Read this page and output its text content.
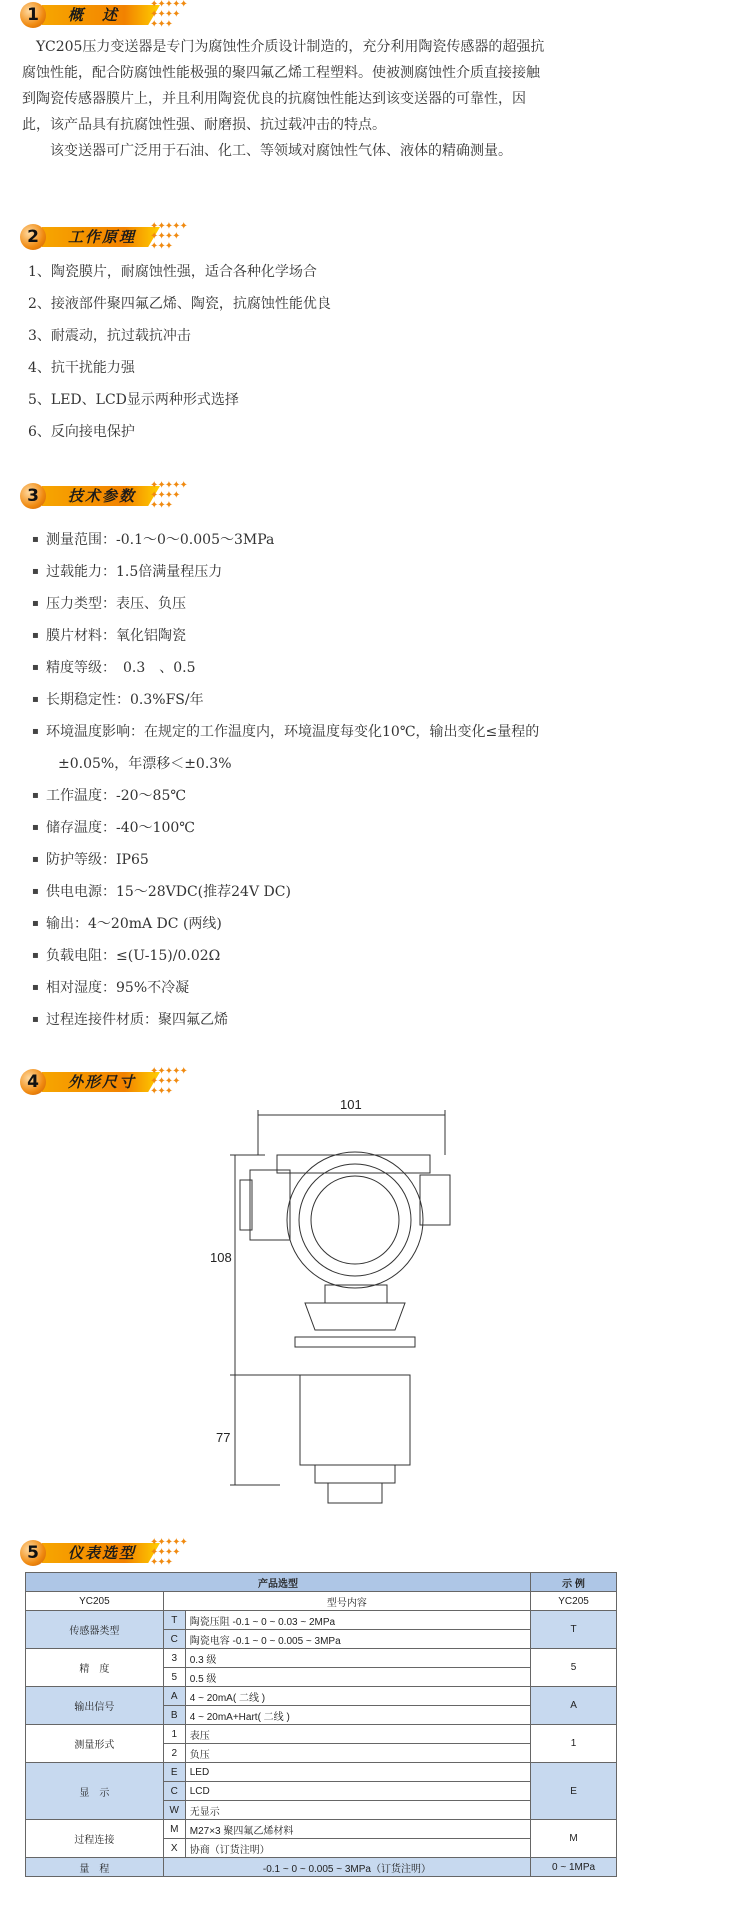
1	概　述
✦✦✦✦✦
✦✦✦✦
✦✦✦
　YC205压力变送器是专门为腐蚀性介质设计制造的，充分利用陶瓷传感器的超强抗
腐蚀性能，配合防腐蚀性能极强的聚四氟乙烯工程塑料。使被测腐蚀性介质直接接触
到陶瓷传感器膜片上，并且利用陶瓷优良的抗腐蚀性能达到该变送器的可靠性，因
此，该产品具有抗腐蚀性强、耐磨损、抗过载冲击的特点。
　　该变送器可广泛用于石油、化工、等领域对腐蚀性气体、液体的精确测量。
2	工作原理
✦✦✦✦✦
✦✦✦✦
✦✦✦
1、陶瓷膜片，耐腐蚀性强，适合各种化学场合
2、接液部件聚四氟乙烯、陶瓷，抗腐蚀性能优良
3、耐震动，抗过载抗冲击
4、抗干扰能力强
5、LED、LCD显示两种形式选择
6、反向接电保护
3	技术参数
✦✦✦✦✦
✦✦✦✦
✦✦✦
▪ 测量范围：-0.1～0～0.005～3MPa
▪ 过载能力：1.5倍满量程压力
▪ 压力类型：表压、负压
▪ 膜片材料：氧化铝陶瓷
▪ 精度等级：　0.3　、0.5
▪ 长期稳定性：0.3%FS/年
▪ 环境温度影响：在规定的工作温度内，环境温度每变化10℃，输出变化≤量程的
±0.05%，年漂移＜±0.3%
▪ 工作温度：-20～85℃
▪ 储存温度：-40～100℃
▪ 防护等级：IP65
▪ 供电电源：15～28VDC(推荐24V DC)
▪ 输出：4～20mA DC (两线)
▪ 负载电阻：≤(U-15)/0.02Ω
▪ 相对湿度：95%不冷凝
▪ 过程连接件材质：聚四氟乙烯
4	外形尺寸
✦✦✦✦✦
✦✦✦✦
✦✦✦
101
108
77
5	仪表选型
✦✦✦✦✦
✦✦✦✦
✦✦✦
产品选型			示 例
YC205	型号内容		YC205
传感器类型	T	陶瓷压阻 -0.1 ~ 0 ~ 0.03 ~ 2MPa	T
	C	陶瓷电容 -0.1 ~ 0 ~ 0.005 ~ 3MPa	
精　度	3	0.3 级	5
	5	0.5 级	
输出信号	A	4 ~ 20mA( 二线 )	A
	B	4 ~ 20mA+Hart( 二线 )	
测量形式	1	表压	1
	2	负压	
显　示	E	LED	E
	C	LCD	
	W	无显示	
过程连接	M	M27×3 聚四氟乙烯材料	M
	X	协商（订货注明）	
量　程	-0.1 ~ 0 ~ 0.005 ~ 3MPa（订货注明）		0 ~ 1MPa
